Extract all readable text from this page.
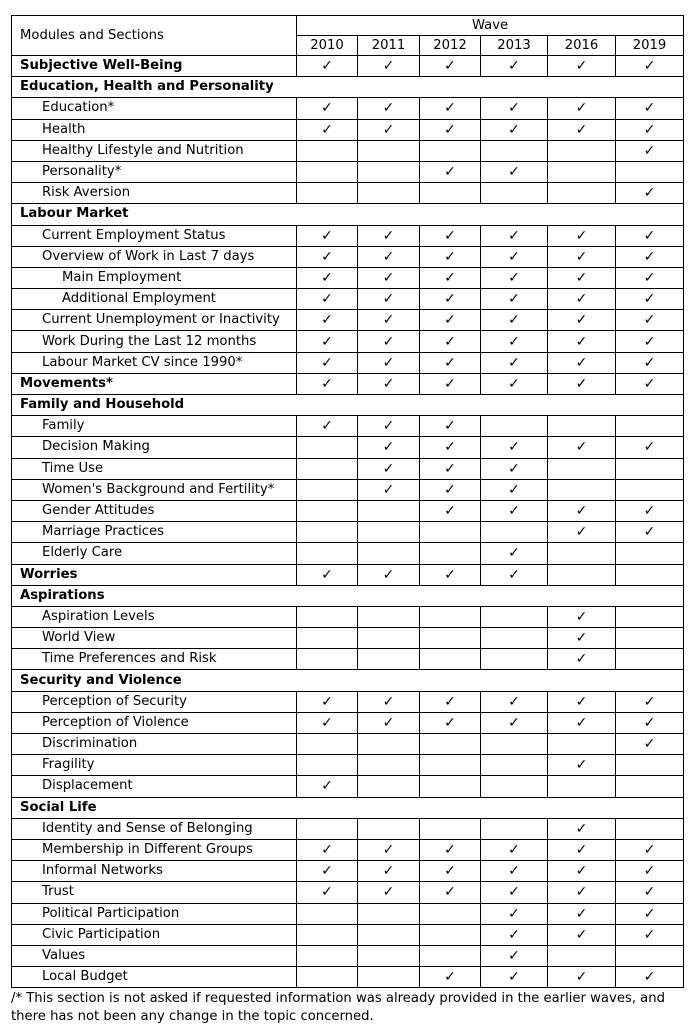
Modules and Sections	Wave					
	2010	2011	2012	2013	2016	2019
Subjective Well-Being	✓	✓	✓	✓	✓	✓
Education, Health and Personality						
Education*	✓	✓	✓	✓	✓	✓
Health	✓	✓	✓	✓	✓	✓
Healthy Lifestyle and Nutrition						✓
Personality*			✓	✓		
Risk Aversion						✓
Labour Market						
Current Employment Status	✓	✓	✓	✓	✓	✓
Overview of Work in Last 7 days	✓	✓	✓	✓	✓	✓
Main Employment	✓	✓	✓	✓	✓	✓
Additional Employment	✓	✓	✓	✓	✓	✓
Current Unemployment or Inactivity	✓	✓	✓	✓	✓	✓
Work During the Last 12 months	✓	✓	✓	✓	✓	✓
Labour Market CV since 1990*	✓	✓	✓	✓	✓	✓
Movements*	✓	✓	✓	✓	✓	✓
Family and Household						
Family	✓	✓	✓			
Decision Making		✓	✓	✓	✓	✓
Time Use		✓	✓	✓		
Women's Background and Fertility*		✓	✓	✓		
Gender Attitudes			✓	✓	✓	✓
Marriage Practices					✓	✓
Elderly Care				✓		
Worries	✓	✓	✓	✓		
Aspirations						
Aspiration Levels					✓	
World View					✓	
Time Preferences and Risk					✓	
Security and Violence						
Perception of Security	✓	✓	✓	✓	✓	✓
Perception of Violence	✓	✓	✓	✓	✓	✓
Discrimination						✓
Fragility					✓	
Displacement	✓					
Social Life						
Identity and Sense of Belonging					✓	
Membership in Different Groups	✓	✓	✓	✓	✓	✓
Informal Networks	✓	✓	✓	✓	✓	✓
Trust	✓	✓	✓	✓	✓	✓
Political Participation				✓	✓	✓
Civic Participation				✓	✓	✓
Values				✓		
Local Budget			✓	✓	✓	✓
/* This section is not asked if requested information was already provided in the earlier waves, and there has not been any change in the topic concerned.
